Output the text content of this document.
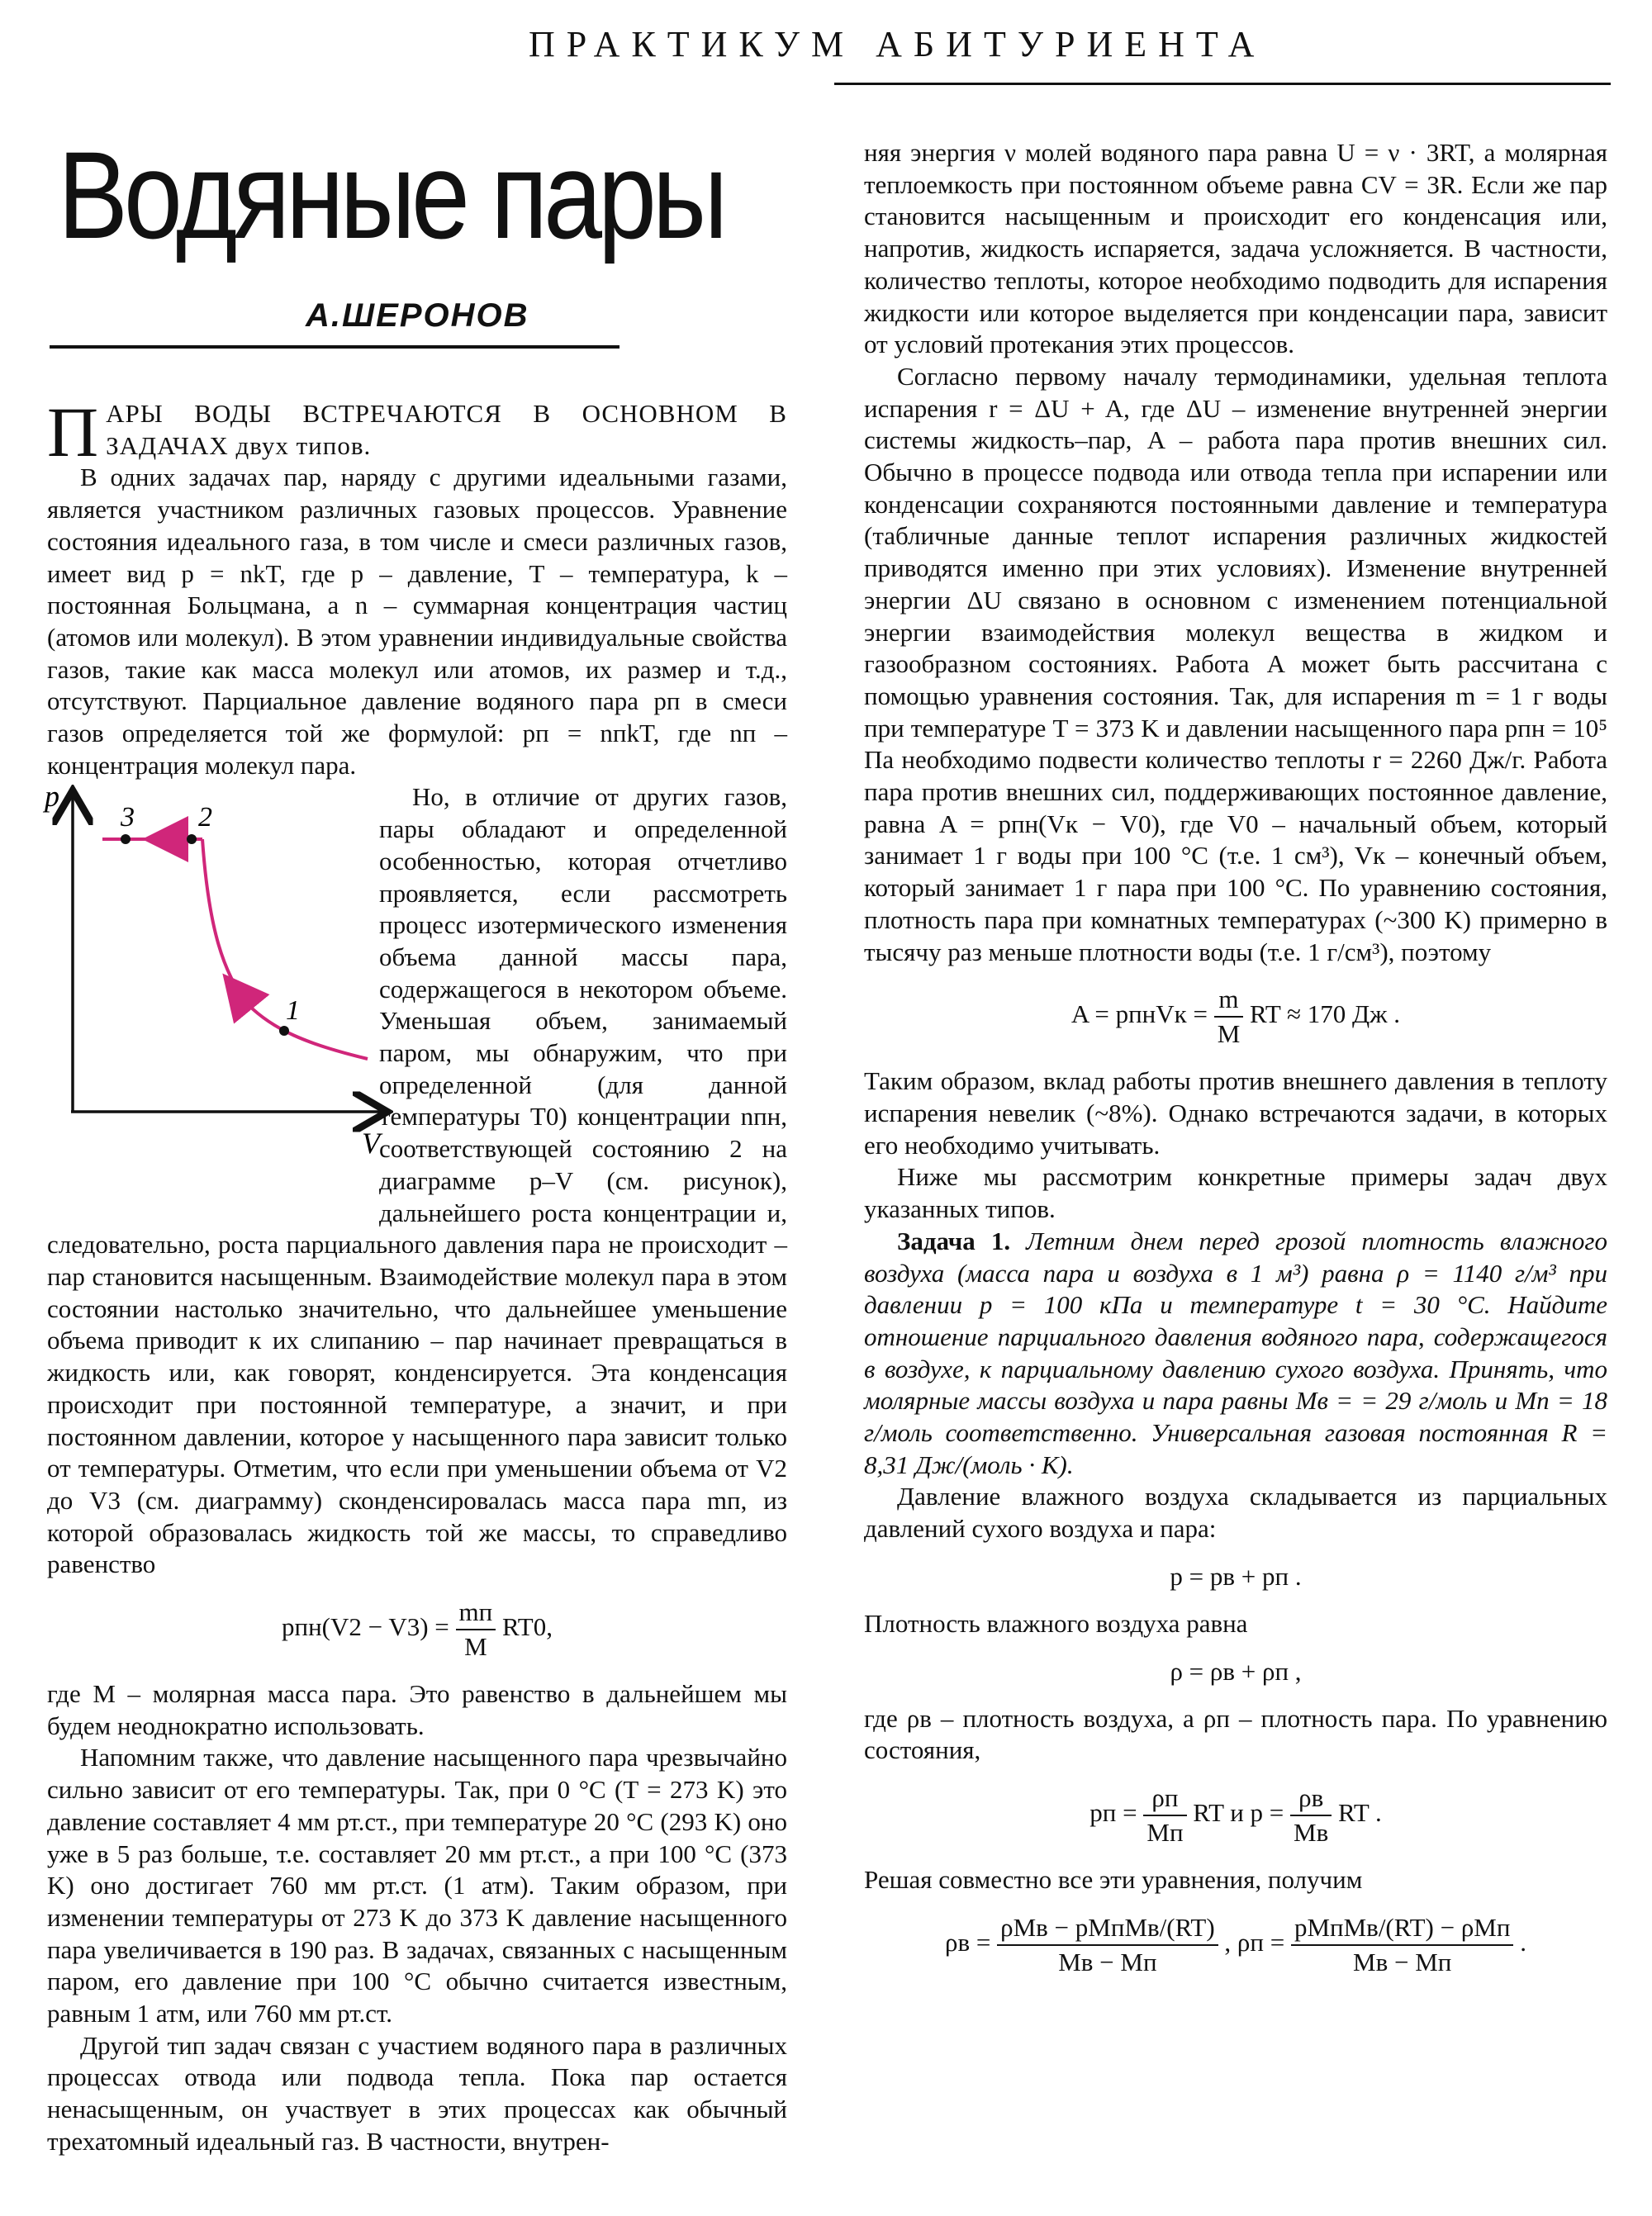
ПРАКТИКУМ АБИТУРИЕНТА
Водяные пары
А.ШЕРОНОВ

ПАРЫ ВОДЫ ВСТРЕЧАЮТСЯ В ОСНОВНОМ В ЗАДАЧАХ двух типов.

В одних задачах пар, наряду с другими идеальными газами, является участником различных газовых процессов. Уравнение состояния идеального газа, в том числе и смеси различных газов, имеет вид p = nkT, где p – давление, T – температура, k – постоянная Больцмана, а n – суммарная концентрация частиц (атомов или молекул). В этом уравнении индивидуальные свойства газов, такие как масса молекул или атомов, их размер и т.д., отсутствуют. Парциальное давление водяного пара pп в смеси газов определяется той же формулой: pп = nпkT, где nп – концентрация молекул пара.

p
V
3 2
1
Но, в отличие от других газов, пары обладают и определенной особенностью, которая отчетливо проявляется, если рассмотреть процесс изотермического изменения объема данной массы пара, содержащегося в некотором объеме. Уменьшая объем, занимаемый паром, мы обнаружим, что при определенной (для данной температуры T0) концентрации nпн, соответствующей состоянию 2 на диаграмме p–V (см. рисунок), дальнейшего роста концентрации и, следовательно, роста парциального давления пара не происходит – пар становится насыщенным. Взаимодействие молекул пара в этом состоянии настолько значительно, что дальнейшее уменьшение объема приводит к их слипанию – пар начинает превращаться в жидкость или, как говорят, конденсируется. Эта конденсация происходит при постоянной температуре, а значит, и при постоянном давлении, которое у насыщенного пара зависит только от температуры. Отметим, что если при уменьшении объема от V2 до V3 (см. диаграмму) сконденсировалась масса пара mп, из которой образовалась жидкость той же массы, то справедливо равенство

$pпн(V2 - V3) = \frac{mп}{M} RT0$,

где M – молярная масса пара. Это равенство в дальнейшем мы будем неоднократно использовать.

Напомним также, что давление насыщенного пара чрезвычайно сильно зависит от его температуры. Так, при 0 °C (T = 273 K) это давление составляет 4 мм рт.ст., при температуре 20 °C (293 K) оно уже в 5 раз больше, т.е. составляет 20 мм рт.ст., а при 100 °C (373 K) оно достигает 760 мм рт.ст. (1 атм). Таким образом, при изменении температуры от 273 K до 373 K давление насыщенного пара увеличивается в 190 раз. В задачах, связанных с насыщенным паром, его давление при 100 °C обычно считается известным, равным 1 атм, или 760 мм рт.ст.

Другой тип задач связан с участием водяного пара в различных процессах отвода или подвода тепла. Пока пар остается ненасыщенным, он участвует в этих процессах как обычный трехатомный идеальный газ. В частности, внутрен-

няя энергия ν молей водяного пара равна U = ν · 3RT, а молярная теплоемкость при постоянном объеме равна CV = 3R. Если же пар становится насыщенным и происходит его конденсация или, напротив, жидкость испаряется, задача усложняется. В частности, количество теплоты, которое необходимо подводить для испарения жидкости или которое выделяется при конденсации пара, зависит от условий протекания этих процессов.

Согласно первому началу термодинамики, удельная теплота испарения r = ΔU + A, где ΔU – изменение внутренней энергии системы жидкость–пар, A – работа пара против внешних сил. Обычно в процессе подвода или отвода тепла при испарении или конденсации сохраняются постоянными давление и температура (табличные данные теплот испарения различных жидкостей приводятся именно при этих условиях). Изменение внутренней энергии ΔU связано в основном с изменением потенциальной энергии взаимодействия молекул вещества в жидком и газообразном состояниях. Работа A может быть рассчитана с помощью уравнения состояния. Так, для испарения m = 1 г воды при температуре T = 373 K и давлении насыщенного пара pпн = 10⁵ Па необходимо подвести количество теплоты r = 2260 Дж/г. Работа пара против внешних сил, поддерживающих постоянное давление, равна A = pпн(Vк − V0), где V0 – начальный объем, который занимает 1 г воды при 100 °C (т.е. 1 см³), Vк – конечный объем, который занимает 1 г пара при 100 °C. По уравнению состояния, плотность пара при комнатных температурах (~300 K) примерно в тысячу раз меньше плотности воды (т.е. 1 г/см³), поэтому

A = pпнVк = $\frac{m}{M}$ RT ≈ 170 Дж .

Таким образом, вклад работы против внешнего давления в теплоту испарения невелик (~8%). Однако встречаются задачи, в которых его необходимо учитывать.

Ниже мы рассмотрим конкретные примеры задач двух указанных типов.

Задача 1. Летним днем перед грозой плотность влажного воздуха (масса пара и воздуха в 1 м³) равна ρ = 1140 г/м³ при давлении p = 100 кПа и температуре t = 30 °C. Найдите отношение парциального давления водяного пара, содержащегося в воздухе, к парциальному давлению сухого воздуха. Принять, что молярные массы воздуха и пара равны Mв = = 29 г/моль и Mп = 18 г/моль соответственно. Универсальная газовая постоянная R = 8,31 Дж/(моль · K).

Давление влажного воздуха складывается из парциальных давлений сухого воздуха и пара:

p = pв + pп .

Плотность влажного воздуха равна

ρ = ρв + ρп ,

где ρв – плотность воздуха, а ρп – плотность пара. По уравнению состояния,

pп = $\frac{\rho п}{Mп}$ RT и $p = \frac{\rho в}{Mв}$ RT .

Решая совместно все эти уравнения, получим

$\rho в = \frac{\text{ρMв − pMпMв/(RT)}}{Mв - Mп}$ , $\rho п = \frac{\text{pMпMв/(RT) − ρMп}}{Mв - Mп}$ .
